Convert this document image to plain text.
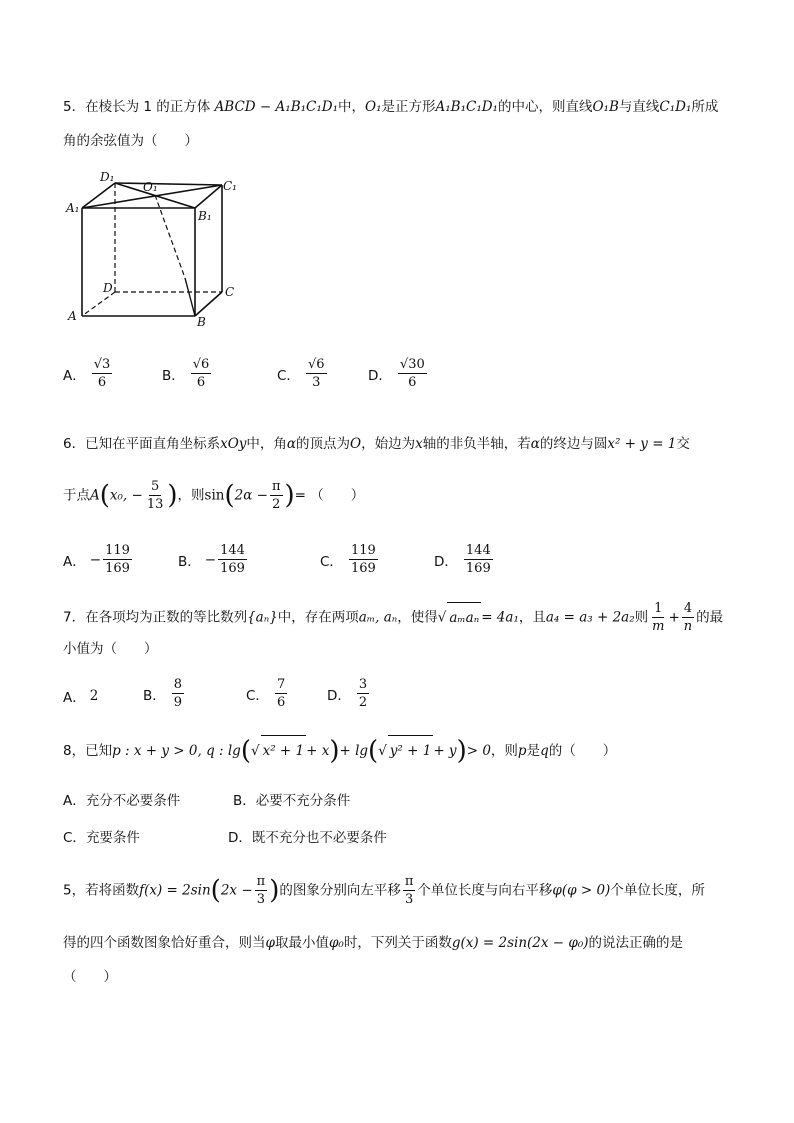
5．在棱长为 1 的正方体 ABCD − A₁B₁C₁D₁中，O₁是正方形A₁B₁C₁D₁的中心，则直线O₁B与直线C₁D₁所成
角的余弦值为（　　）
D₁
O₁	C₁
A₁
B₁
D	C
A	B
A． $\frac{√3}{6}$	B． $\frac{√6}{6}$	C． $\frac{√6}{3}$	D． $\frac{√30}{6}$
6．已知在平面直角坐标系xOy中，角α的顶点为O，始边为x轴的非负半轴，若α的终边与圆x² + y = 1交
于点A(x₀, − $\frac{5}{13}$ )，则$\sin(2\alpha - \frac{\pi}{2}$ )= （　　）
A． − $\frac{119}{169}$	B． − $\frac{144}{169}$	C． $\frac{119}{169}$	D． $\frac{144}{169}$
7．在各项均为正数的等比数列{aₙ}中，存在两项aₘ, aₙ，使得√ aₘaₙ = 4a₁，且a₄ = a₃ + 2a₂则 $\frac{1}{m} + \frac{4}{n}$ 的最
小值为（　　）
A． 2	B． $\frac{8}{9}$	C． $\frac{7}{6}$	D． $\frac{3}{2}$
8，已知p : x + y > 0, q : lg(√ x² + 1 + x)+ lg(√ y² + 1 + y)> 0，则p是q的（　　）
A． 充分不必要条件	B． 必要不充分条件
C． 充要条件	D． 既不充分也不必要条件
5，若将函数$f(x) = 2\sin(2x - \frac{\pi}{3}$ )的图象分别向左平移 $\frac{\pi}{3}$ 个单位长度与向右平移φ(φ > 0)个单位长度，所
得的四个函数图象恰好重合，则当φ取最小值φ₀时，下列关于函数g(x) = 2sin(2x − φ₀)的说法正确的是
（　　）
